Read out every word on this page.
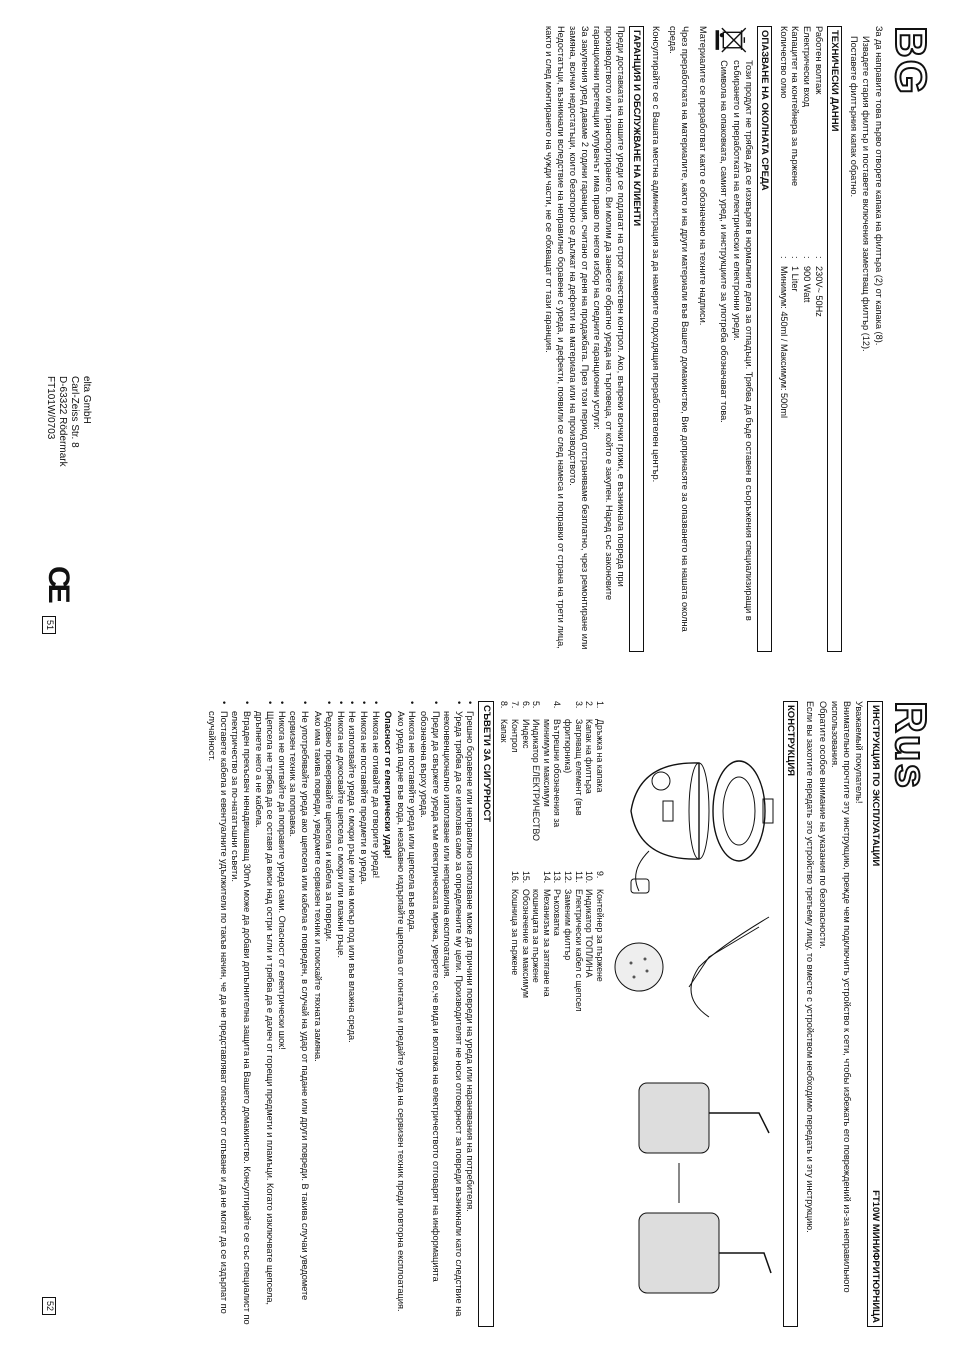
BG

За да направите това първо отворете капака на филтъра (2) от капака (8).

Извадете стария филтър и поставете включения заместващ филтър (12).

Поставете филтърния капак обратно.

ТЕХНИЧЕСКИ ДАННИ
Работен волтаж
:
230V~ 50Hz
Електрически вход
:
900 Watt
Капацитет на контейнера за пържене
:
1 Liter
Количество олио
:
Минимум: 450ml / Максимум: 500ml
ОПАЗВАНЕ НА ОКОЛНАТА СРЕДА

Този продукт не трябва да се изхвърля в нормалните дела за отпадъци. Трябва да бъде оставен в съоръжения специализиращи в събирането и преработката на електрически и електронни уреди.

Символа на опаковката, самият уред, и инструкциите за употреба обозначават това.

Материалите се преработват както е обозначено на техните надписи.

Чрез преработката на материалите, както и на други материали във Вашето домакинство, Вие допринасяте за опазването на нашата околна среда.

Консултирайте се с Вашата местна администрация за да намерите подходящия преработвателен център.

ГАРАНЦИЯ И ОБСЛУЖВАНЕ НА КЛИЕНТИ

Преди доставката на нашите уреди се подлагат на строг качествен контрол. Ако, въпреки всички грижи, е възникнала повреда при производството или транспортирането. Ви молим да занесете обратно уреда на търговеца, от който е закупен. Наред със законовите гаранционни претенции купувачът има право по негов избор на следните гаранционни услуги:

За закупения уред даваме 2 години гаранция, считано от деня на продажбата. През този период отстраняваме безплатно, чрез ремонтиране или замяна, всички недостатъци, които безспорно се дължат на дефекти на материала или на производството.

Недостатъци, възникнали вследствие на неправилно боравене с уреда, и дефекти, появили се след намеса и поправки от страна на трети лица, както и след монтирането на чужди части, не се обхващат от тази гаранция.

elta GmbH
Carl-Zeiss Str. 8
D-63322 Rödermark
FT101W/0703
CE
51
Rus
ИНСТРУКЦИЯ ПО ЭКСПЛУАТАЦИИ
FT10W МИНИФРИТЮРНИЦА

Уважаемый покупатель!

Внимательно прочтите эту инструкцию, прежде чем подключить устройство к сети, чтобы избежать его повреждений из-за неправильного использования.

Обратите особое внимание на указания по безопасности.

Если вы захотите передать это устройство третьему лицу, то вместе с устройством необходимо передать и эту инструкцию.

КОНСТРУКЦИЯ
1.
Дръжка на капака
2.
Капак на филтъра
3.
Загряващ елемент (във фритюрника)
4.
Вътрешни обозначения за минимум и максимум
5.
Индикатор ЕЛЕКТРИЧЕСТВО
6.
Индекс
7.
Контрол
8.
Капак
9.
Контейнер за пържене
10.
Индикатор ТОПЛИНА
11.
Електрически кабел с щепсел
12.
Заменим филтър
13.
Ръкохватка
14.
Механизъм за затягане на кошницата за пържене
15.
Обозначение за максимум
16.
Кошница за пържене
СЪВЕТИ ЗА СИГУРНОСТ

• Грешно боравене или неправилно използване може да причини повреди на уреда или наранявания на потребителя.

• Уреда трябва да се използва само за определените му цели. Производителят не носи отговорност за повреди възникнали като следствие на неконвенционално използване или неправилна експлоатация.

• Преди да свържете уреда към електрическата мрежа, уверете се,че вида и волтажа на електричеството отговарят на информацията обозначена върху уреда.

• Никога не поставяйте уреда или щепсела във вода.

Ако уреда падне във вода, незабавно издърпайте щепсела от контакта и предайте уреда на сервизен техник преди повторна експлоатация.

Опасност от електрически удар!

• Никога не отивайте да отворите уреда!

• Никога не поставяйте предмети в уреда.

• Не използвайте уреда с мокри ръце или на мокър под или във влажна среда.

• Никога не докосвайте щепсела с мокри или влажни ръце.

• Редовно проверявайте щепсела и кабела за повреди.

Ако има такива повреди, уведомете сервизен техник и поискайте тяхната замяна.

• Не употребявайте уреда ако щепсела или кабела е повреден, в случай на удар от падане или други повреди. В такива случаи уведомете сервизен техник за поправка.

• Никога не опитвайте да поправите уреда сами. Опасност от електрически шок!

• Щепсела не трябва да се оставя да виси над остри ъгли и трябва да е далеч от горещи предмети и пламъци. Когато изключвате щепсела, дръпнете него а не кабела.

• Вграден прекъсвач ненадвишаващ 30mA може да добави допълнителна защита на Вашето домакинство. Консултирайте се със специалист по електричество за по-нататъшни съвети.

• Поставете кабела и евентуалните удължители по такъв начин, че да не представляват опасност от спъване и да не могат да се издърпат по случайност.

52
